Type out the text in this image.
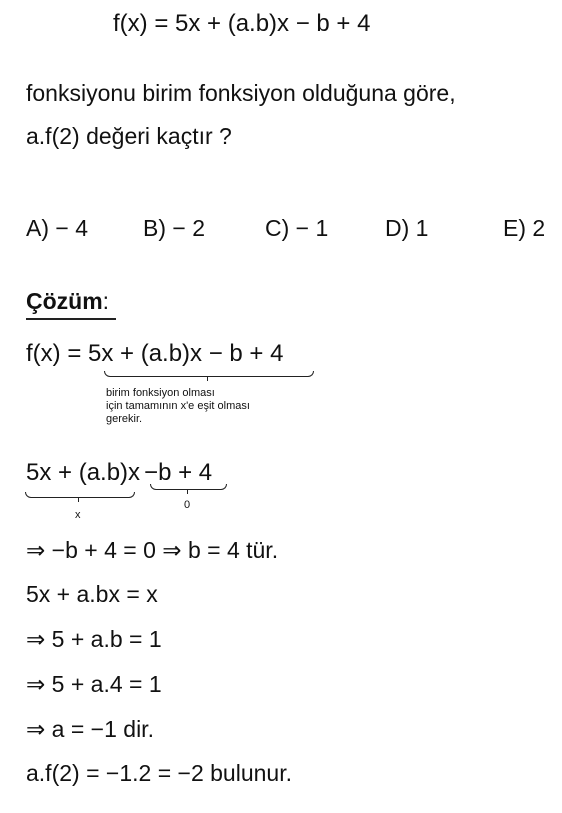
f(x) = 5x + (a.b)x − b + 4
fonksiyonu birim fonksiyon olduğuna göre,
a.f(2) değeri kaçtır ?
A) − 4 B) − 2	C) − 1 D) 1	E) 2
Çözüm:
f(x) = 5x + (a.b)x − b + 4
birim fonksiyon olması
için tamamının x'e eşit olması
gerekir.
5x + (a.b)x −b + 4
x
0
⇒ −b + 4 = 0 ⇒ b = 4 tür.
5x + a.bx = x
⇒ 5 + a.b = 1
⇒ 5 + a.4 = 1
⇒ a = −1 dir.
a.f(2) = −1.2 = −2 bulunur.
